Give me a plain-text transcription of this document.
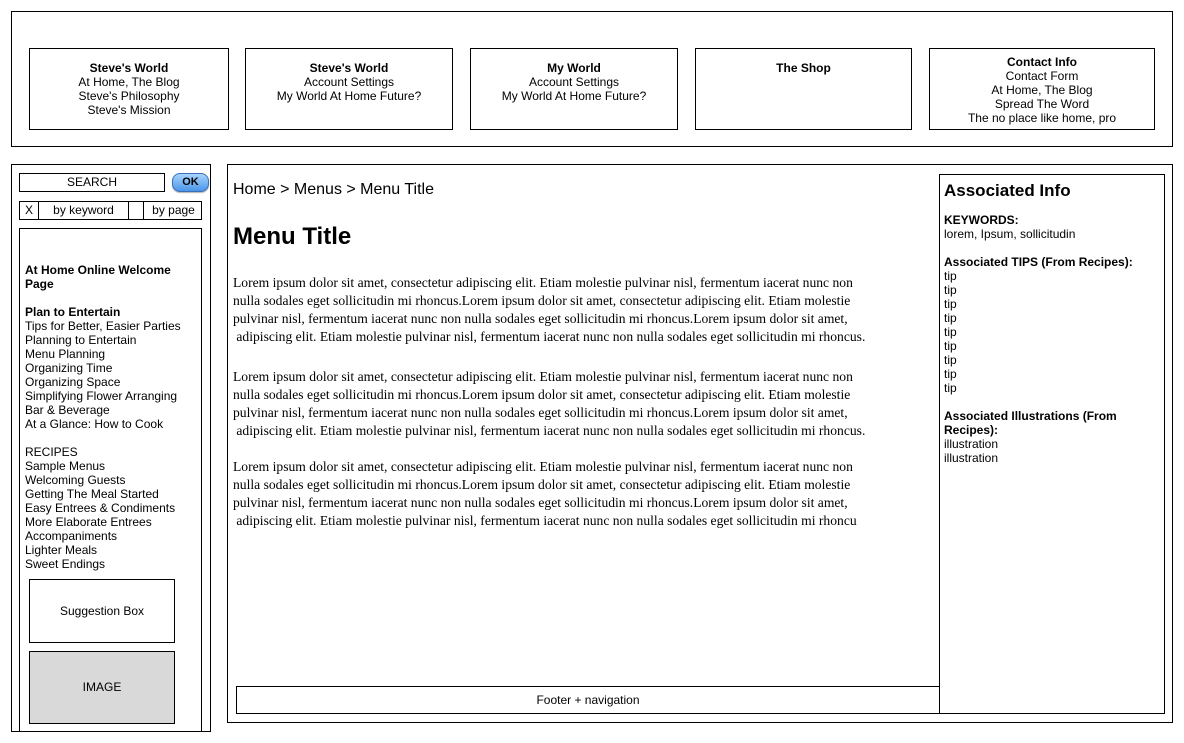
Steve's World
At Home, The Blog
Steve's Philosophy
Steve's Mission
Steve's World
Account Settings
My World At Home Future?
My World
Account Settings
My World At Home Future?
The Shop	Contact Info
Contact Form
At Home, The Blog
Spread The Word
The no place like home, pro
SEARCH	OK
X	by keyword	by page
At Home Online Welcome Page
Plan to Entertain
Tips for Better, Easier Parties
Planning to Entertain
Menu Planning
Organizing Time
Organizing Space
Simplifying Flower Arranging
Bar & Beverage
At a Glance: How to Cook
RECIPES
Sample Menus
Welcoming Guests
Getting The Meal Started
Easy Entrees & Condiments
More Elaborate Entrees
Accompaniments
Lighter Meals
Sweet Endings
Suggestion Box
IMAGE
Home > Menus > Menu Title
Menu Title

Lorem ipsum dolor sit amet, consectetur adipiscing elit. Etiam molestie pulvinar nisl, fermentum iacerat nunc non
nulla sodales eget sollicitudin mi rhoncus.Lorem ipsum dolor sit amet, consectetur adipiscing elit. Etiam molestie
pulvinar nisl, fermentum iacerat nunc non nulla sodales eget sollicitudin mi rhoncus.Lorem ipsum dolor sit amet,
adipiscing elit. Etiam molestie pulvinar nisl, fermentum iacerat nunc non nulla sodales eget sollicitudin mi rhoncus.

Lorem ipsum dolor sit amet, consectetur adipiscing elit. Etiam molestie pulvinar nisl, fermentum iacerat nunc non
nulla sodales eget sollicitudin mi rhoncus.Lorem ipsum dolor sit amet, consectetur adipiscing elit. Etiam molestie
pulvinar nisl, fermentum iacerat nunc non nulla sodales eget sollicitudin mi rhoncus.Lorem ipsum dolor sit amet,
adipiscing elit. Etiam molestie pulvinar nisl, fermentum iacerat nunc non nulla sodales eget sollicitudin mi rhoncus.

Lorem ipsum dolor sit amet, consectetur adipiscing elit. Etiam molestie pulvinar nisl, fermentum iacerat nunc non
nulla sodales eget sollicitudin mi rhoncus.Lorem ipsum dolor sit amet, consectetur adipiscing elit. Etiam molestie
pulvinar nisl, fermentum iacerat nunc non nulla sodales eget sollicitudin mi rhoncus.Lorem ipsum dolor sit amet,
adipiscing elit. Etiam molestie pulvinar nisl, fermentum iacerat nunc non nulla sodales eget sollicitudin mi rhoncu

Footer + navigation
Associated Info
KEYWORDS:
lorem, Ipsum, sollicitudin
Associated TIPS (From Recipes):
tip
tip
tip
tip
tip
tip
tip
tip
tip
Associated Illustrations (From Recipes):
illustration
illustration
